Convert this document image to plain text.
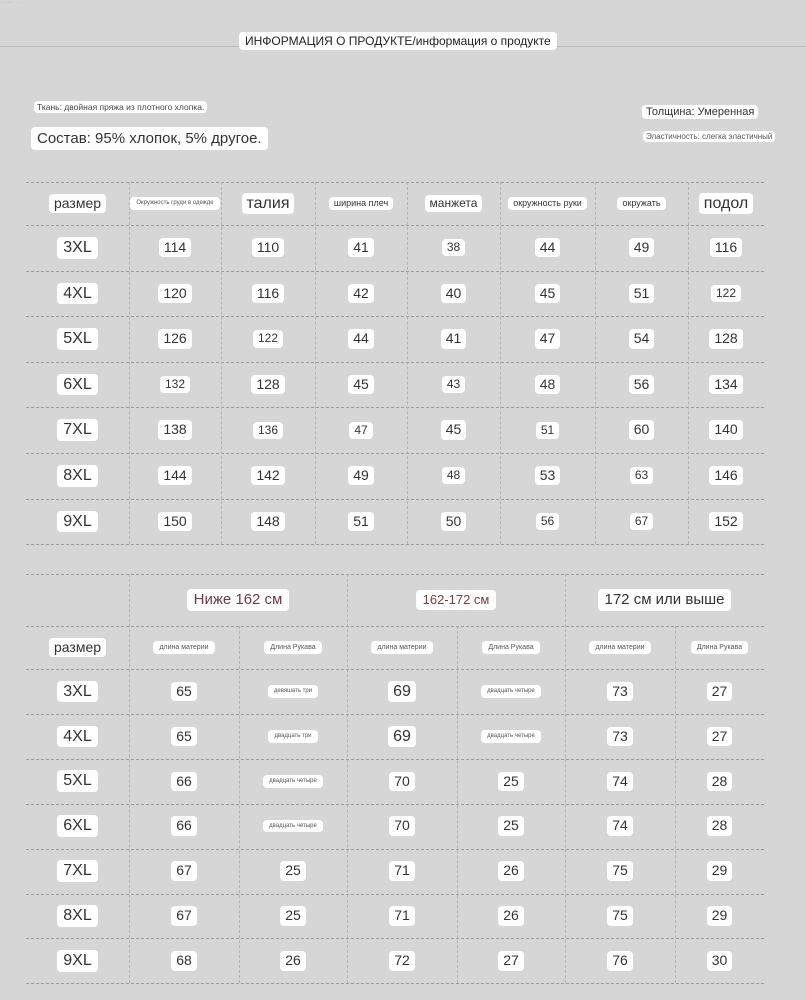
ИНФОРМАЦИЯ О ПРОДУКТЕ/информация о продукте
Ткань: двойная пряжа из плотного хлопка.
Состав: 95% хлопок, 5% другое.
Толщина: Умеренная
·····  ·
Эластичность: слегка эластичный
размер	Окружность груди в одежде	талия	ширина плеч	манжета	окружность руки	окружать	подол
3XL	114	110	41	38	44	49	116
4XL	120	116	42	40	45	51	122
5XL	126	122	44	41	47	54	128
6XL	132	128	45	43	48	56	134
7XL	138	136	47	45	51	60	140
8XL	144	142	49	48	53	63	146
9XL	150	148	51	50	56	67	152
Ниже 162 см	162-172 см	172 см или выше
размер	длина материи	Длина Рукава	длина материи	Длина Рукава	длина материи	Длина Рукава
3XL	65	девяшать три	69	двадцать четыре	73	27
4XL	65	двадцать три	69	двадцать четыре	73	27
5XL	66	двадцать четыре	70	25	74	28
6XL	66	двадцать четыре	70	25	74	28
7XL	67	25	71	26	75	29
8XL	67	25	71	26	75	29
9XL	68	26	72	27	76	30
